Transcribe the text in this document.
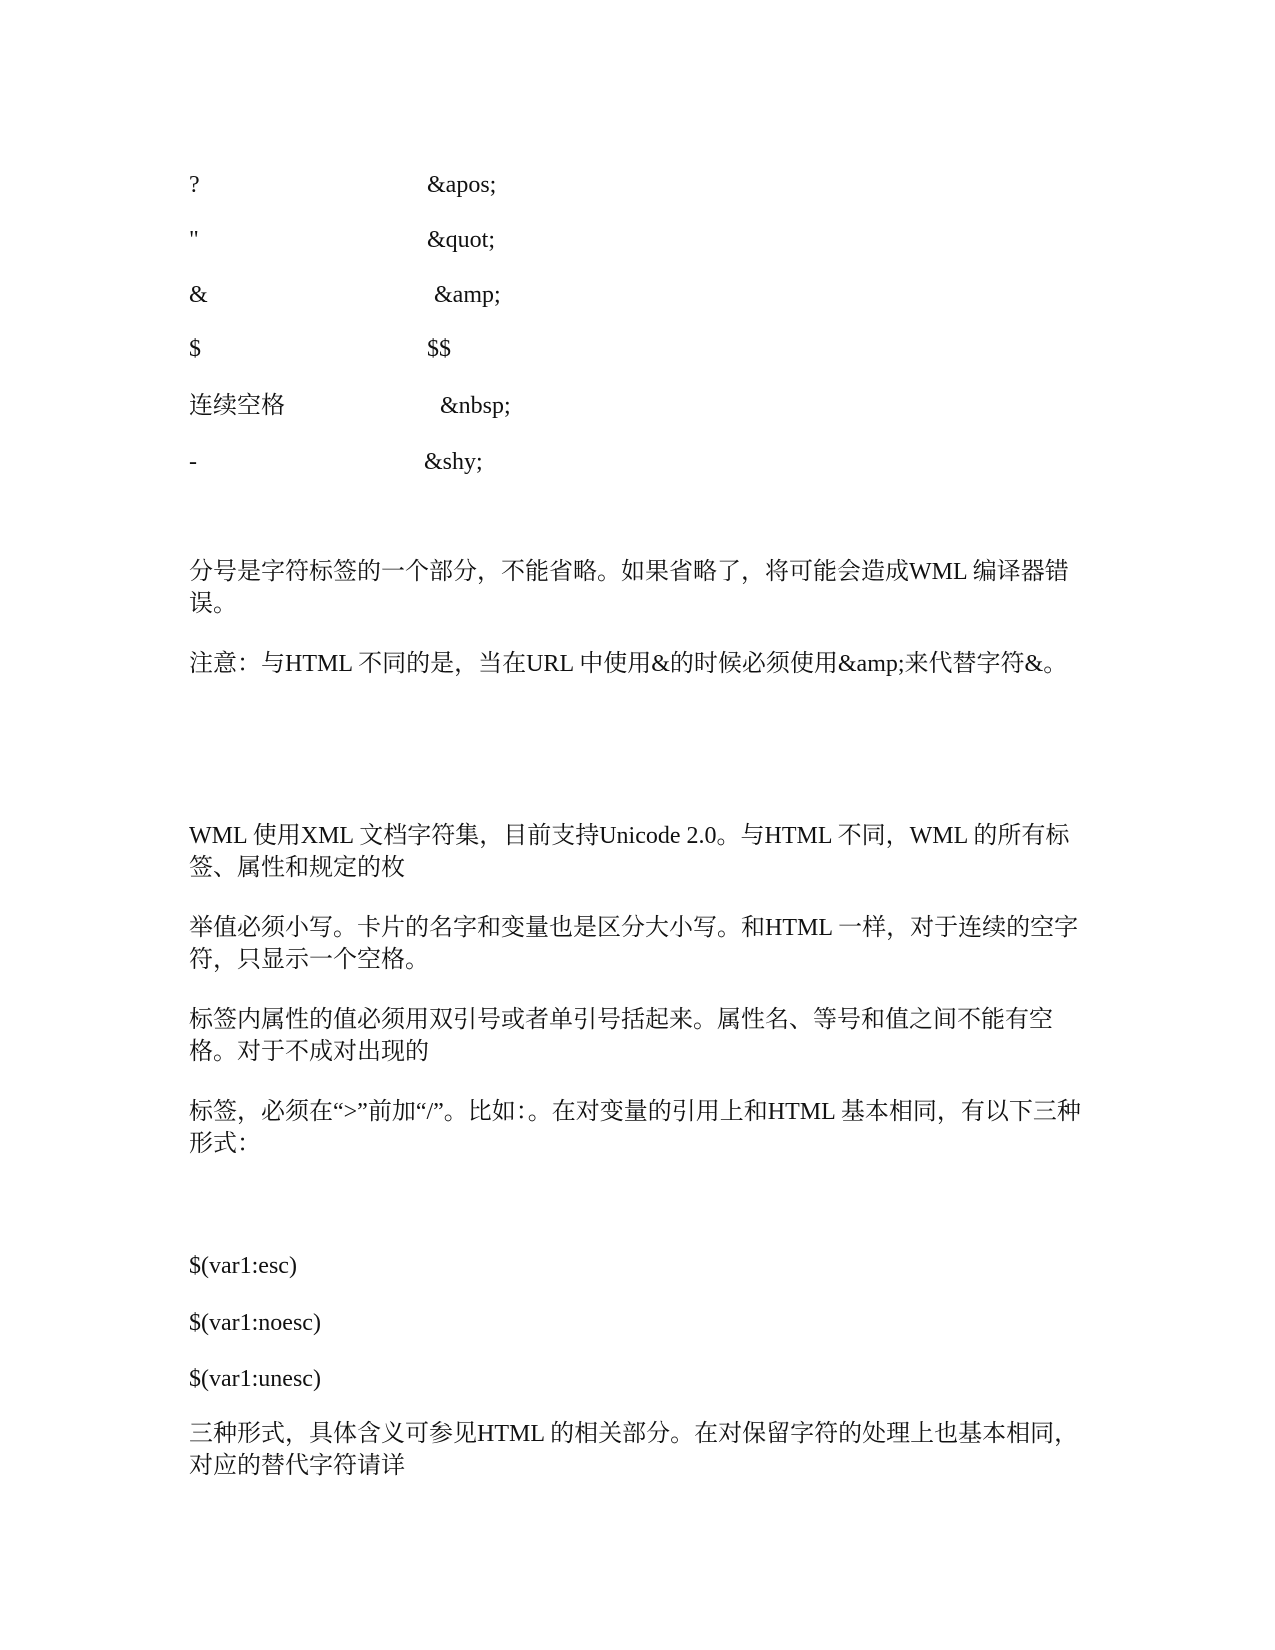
?	&apos;
"	&quot;
&	&amp;
$	$$
连续空格	&nbsp;
-	&shy;

分号是字符标签的一个部分，不能省略。如果省略了，将可能会造成WML 编译器错误。

注意：与HTML 不同的是，当在URL 中使用&的时候必须使用&amp;来代替字符&。

WML 使用XML 文档字符集，目前支持Unicode 2.0。与HTML 不同，WML 的所有标签、属性和规定的枚

举值必须小写。卡片的名字和变量也是区分大小写。和HTML 一样，对于连续的空字符，只显示一个空格。

标签内属性的值必须用双引号或者单引号括起来。属性名、等号和值之间不能有空格。对于不成对出现的

标签，必须在“>”前加“/”。比如：。在对变量的引用上和HTML 基本相同，有以下三种形式：

$(var1:esc)
$(var1:noesc)
$(var1:unesc)

三种形式，具体含义可参见HTML 的相关部分。在对保留字符的处理上也基本相同，对应的替代字符请详
